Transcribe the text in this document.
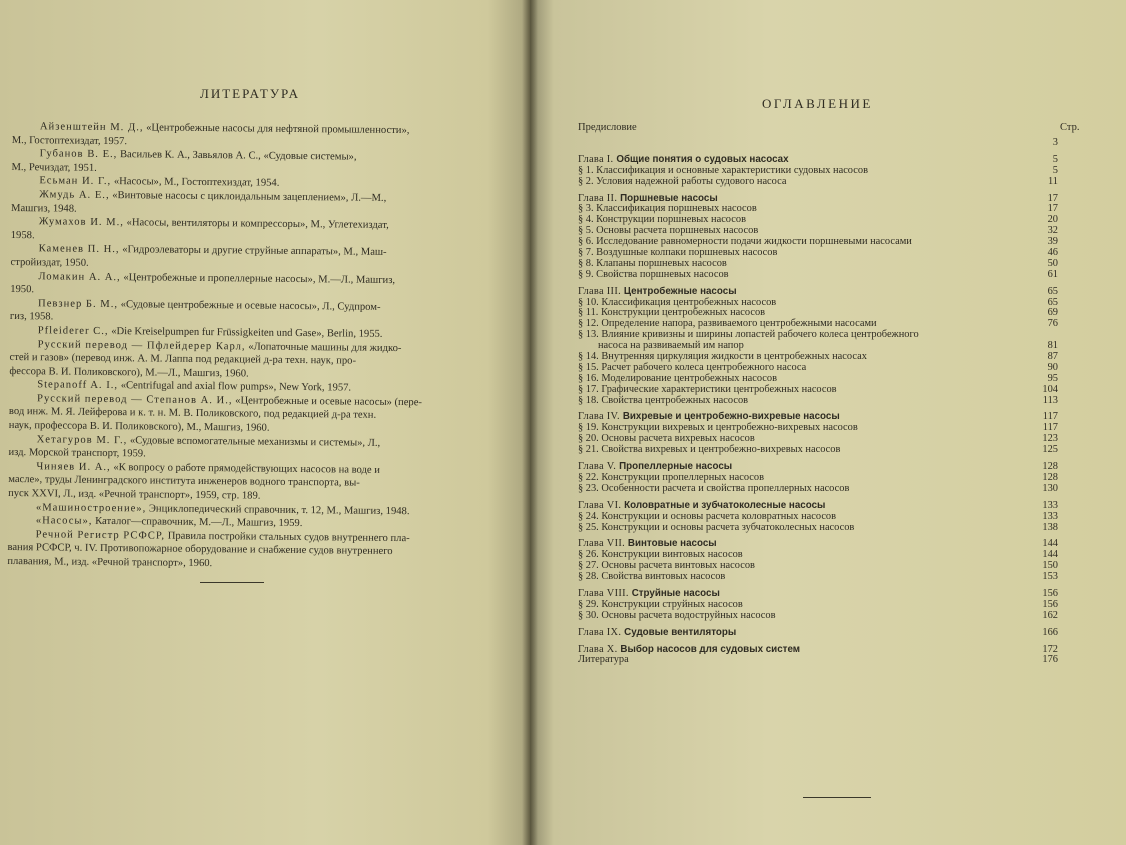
ЛИТЕРАТУРА

Айзенштейн М. Д., «Центробежные насосы для нефтяной промышленности»,
М., Гостоптехиздат, 1957.

Губанов В. Е., Васильев К. А., Завьялов А. С., «Судовые системы»,
М., Речиздат, 1951.

Есьман И. Г., «Насосы», М., Гостоптехиздат, 1954.

Жмудь А. Е., «Винтовые насосы с циклоидальным зацеплением», Л.—М.,
Машгиз, 1948.

Жумахов И. М., «Насосы, вентиляторы и компрессоры», М., Углетехиздат,
1958.

Каменев П. Н., «Гидроэлеваторы и другие струйные аппараты», М., Маш-
стройиздат, 1950.

Ломакин А. А., «Центробежные и пропеллерные насосы», М.—Л., Машгиз,
1950.

Певзнер Б. М., «Судовые центробежные и осевые насосы», Л., Судпром-
гиз, 1958.

Pfleiderer C., «Die Kreiselpumpen fur Früssigkeiten und Gase», Berlin, 1955.

Русский перевод — Пфлейдерер Карл, «Лопаточные машины для жидко-
стей и газов» (перевод инж. А. М. Лаппа под редакцией д-ра техн. наук, про-
фессора В. И. Поликовского), М.—Л., Машгиз, 1960.

Stepanoff A. I., «Centrifugal and axial flow pumps», New York, 1957.

Русский перевод — Степанов А. И., «Центробежные и осевые насосы» (пере-
вод инж. М. Я. Лейферова и к. т. н. М. В. Поликовского, под редакцией д-ра техн.
наук, профессора В. И. Поликовского), М., Машгиз, 1960.

Хетагуров М. Г., «Судовые вспомогательные механизмы и системы», Л.,
изд. Морской транспорт, 1959.

Чиняев И. А., «К вопросу о работе прямодействующих насосов на воде и
масле», труды Ленинградского института инженеров водного транспорта, вы-
пуск XXVI, Л., изд. «Речной транспорт», 1959, стр. 189.

«Машиностроение», Энциклопедический справочник, т. 12, М., Машгиз, 1948.

«Насосы», Каталог—справочник, М.—Л., Машгиз, 1959.

Речной Регистр РСФСР, Правила постройки стальных судов внутреннего пла-
вания РСФСР, ч. IV. Противопожарное оборудование и снабжение судов внутреннего
плавания, М., изд. «Речной транспорт», 1960.

ОГЛАВЛЕНИЕ
Предисловие	Стр.
3
Глава I. Общие понятия о судовых насосах	5
§ 1. Классификация и основные характеристики судовых насосов	5
§ 2. Условия надежной работы судового насоса	11
Глава II. Поршневые насосы	17
§ 3. Классификация поршневых насосов	17
§ 4. Конструкции поршневых насосов	20
§ 5. Основы расчета поршневых насосов	32
§ 6. Исследование равномерности подачи жидкости поршневыми насосами	39
§ 7. Воздушные колпаки поршневых насосов	46
§ 8. Клапаны поршневых насосов	50
§ 9. Свойства поршневых насосов	61
Глава III. Центробежные насосы	65
§ 10. Классификация центробежных насосов	65
§ 11. Конструкции центробежных насосов	69
§ 12. Определение напора, развиваемого центробежными насосами	76
§ 13. Влияние кривизны и ширины лопастей рабочего колеса центробежного
насоса на развиваемый им напор	81
§ 14. Внутренняя циркуляция жидкости в центробежных насосах	87
§ 15. Расчет рабочего колеса центробежного насоса	90
§ 16. Моделирование центробежных насосов	95
§ 17. Графические характеристики центробежных насосов	104
§ 18. Свойства центробежных насосов	113
Глава IV. Вихревые и центробежно-вихревые насосы	117
§ 19. Конструкции вихревых и центробежно-вихревых насосов	117
§ 20. Основы расчета вихревых насосов	123
§ 21. Свойства вихревых и центробежно-вихревых насосов	125
Глава V. Пропеллерные насосы	128
§ 22. Конструкции пропеллерных насосов	128
§ 23. Особенности расчета и свойства пропеллерных насосов	130
Глава VI. Коловратные и зубчатоколесные насосы	133
§ 24. Конструкции и основы расчета коловратных насосов	133
§ 25. Конструкции и основы расчета зубчатоколесных насосов	138
Глава VII. Винтовые насосы	144
§ 26. Конструкции винтовых насосов	144
§ 27. Основы расчета винтовых насосов	150
§ 28. Свойства винтовых насосов	153
Глава VIII. Струйные насосы	156
§ 29. Конструкции струйных насосов	156
§ 30. Основы расчета водоструйных насосов	162
Глава IX. Судовые вентиляторы	166
Глава X. Выбор насосов для судовых систем	172
Литература	176
